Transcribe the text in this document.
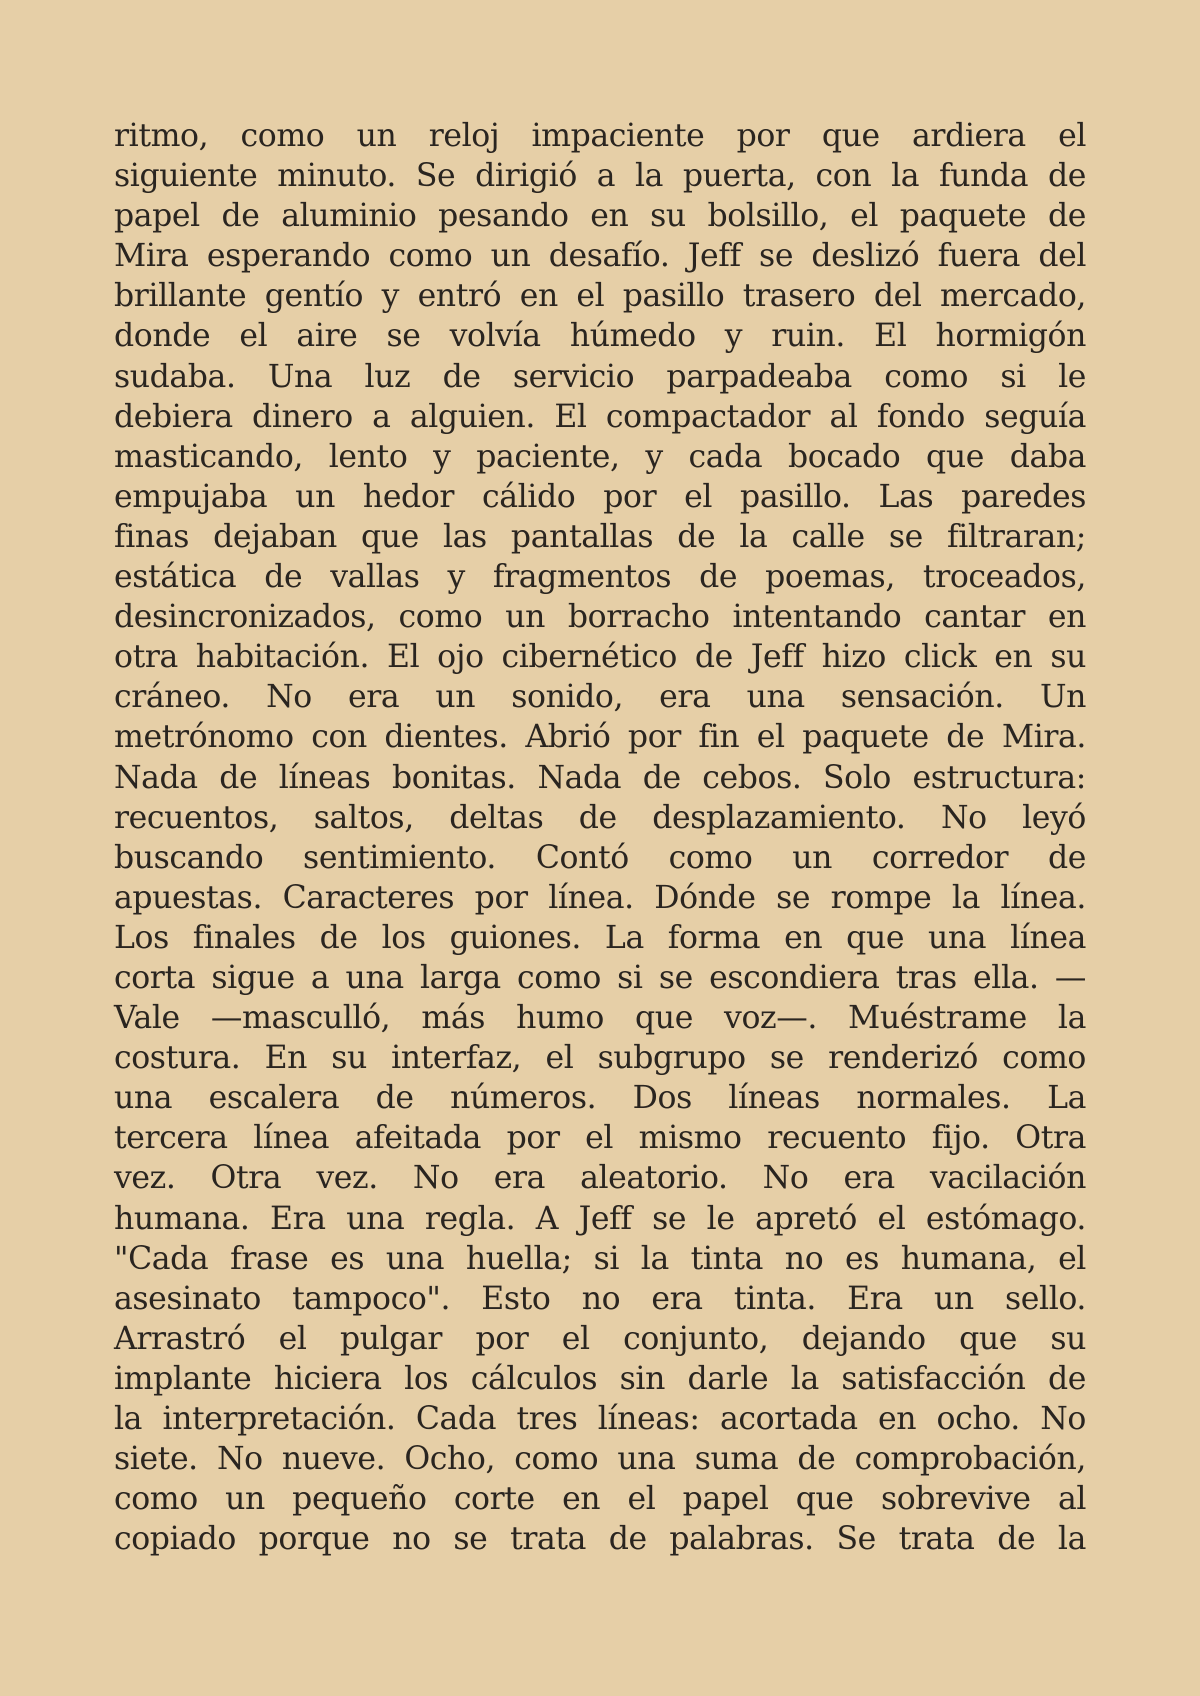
ritmo, como un reloj impaciente por que ardiera el
siguiente minuto. Se dirigió a la puerta, con la funda de
papel de aluminio pesando en su bolsillo, el paquete de
Mira esperando como un desafío. Jeff se deslizó fuera del
brillante gentío y entró en el pasillo trasero del mercado,
donde el aire se volvía húmedo y ruin. El hormigón
sudaba. Una luz de servicio parpadeaba como si le
debiera dinero a alguien. El compactador al fondo seguía
masticando, lento y paciente, y cada bocado que daba
empujaba un hedor cálido por el pasillo. Las paredes
finas dejaban que las pantallas de la calle se filtraran;
estática de vallas y fragmentos de poemas, troceados,
desincronizados, como un borracho intentando cantar en
otra habitación. El ojo cibernético de Jeff hizo click en su
cráneo. No era un sonido, era una sensación. Un
metrónomo con dientes. Abrió por fin el paquete de Mira.
Nada de líneas bonitas. Nada de cebos. Solo estructura:
recuentos, saltos, deltas de desplazamiento. No leyó
buscando sentimiento. Contó como un corredor de
apuestas. Caracteres por línea. Dónde se rompe la línea.
Los finales de los guiones. La forma en que una línea
corta sigue a una larga como si se escondiera tras ella. —
Vale —masculló, más humo que voz—. Muéstrame la
costura. En su interfaz, el subgrupo se renderizó como
una escalera de números. Dos líneas normales. La
tercera línea afeitada por el mismo recuento fijo. Otra
vez. Otra vez. No era aleatorio. No era vacilación
humana. Era una regla. A Jeff se le apretó el estómago.
"Cada frase es una huella; si la tinta no es humana, el
asesinato tampoco". Esto no era tinta. Era un sello.
Arrastró el pulgar por el conjunto, dejando que su
implante hiciera los cálculos sin darle la satisfacción de
la interpretación. Cada tres líneas: acortada en ocho. No
siete. No nueve. Ocho, como una suma de comprobación,
como un pequeño corte en el papel que sobrevive al
copiado porque no se trata de palabras. Se trata de la
